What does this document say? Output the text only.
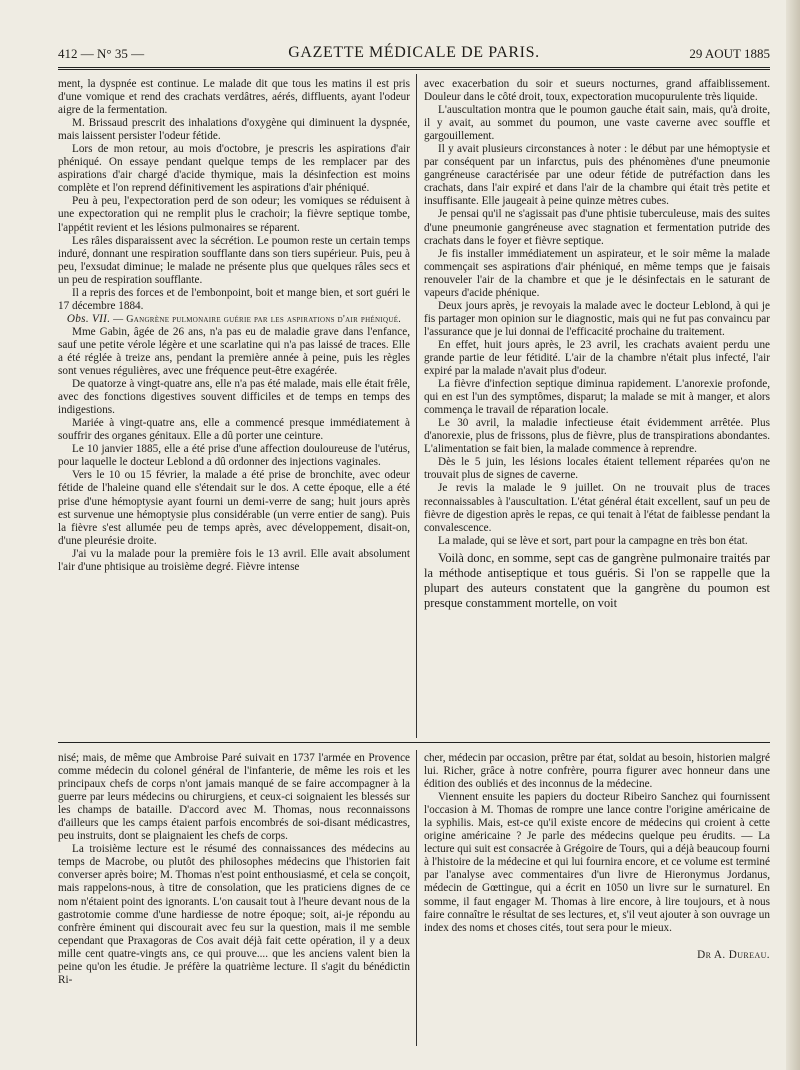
412 — N° 35 —	GAZETTE MÉDICALE DE PARIS.	29 AOUT 1885

ment, la dyspnée est continue. Le malade dit que tous les matins il est pris d'une vomique et rend des crachats verdâtres, aérés, diffluents, ayant l'odeur aigre de la fermentation.

M. Brissaud prescrit des inhalations d'oxygène qui diminuent la dyspnée, mais laissent persister l'odeur fétide.

Lors de mon retour, au mois d'octobre, je prescris les aspirations d'air phéniqué. On essaye pendant quelque temps de les remplacer par des aspirations d'air chargé d'acide thymique, mais la désinfection est moins complète et l'on reprend définitivement les aspirations d'air phéniqué.

Peu à peu, l'expectoration perd de son odeur; les vomiques se réduisent à une expectoration qui ne remplit plus le crachoir; la fièvre septique tombe, l'appétit revient et les lésions pulmonaires se réparent.

Les râles disparaissent avec la sécrétion. Le poumon reste un certain temps induré, donnant une respiration soufflante dans son tiers supérieur. Puis, peu à peu, l'exsudat diminue; le malade ne présente plus que quelques râles secs et un peu de respiration soufflante.

Il a repris des forces et de l'embonpoint, boit et mange bien, et sort guéri le 17 décembre 1884.

Obs. VII. — Gangrène pulmonaire guérie par les aspirations d'air phéniqué.

Mme Gabin, âgée de 26 ans, n'a pas eu de maladie grave dans l'enfance, sauf une petite vérole légère et une scarlatine qui n'a pas laissé de traces. Elle a été réglée à treize ans, pendant la première année à peine, puis les règles sont venues régulières, avec une fréquence peut-être exagérée.

De quatorze à vingt-quatre ans, elle n'a pas été malade, mais elle était frêle, avec des fonctions digestives souvent difficiles et de temps en temps des indigestions.

Mariée à vingt-quatre ans, elle a commencé presque immédiatement à souffrir des organes génitaux. Elle a dû porter une ceinture.

Le 10 janvier 1885, elle a été prise d'une affection douloureuse de l'utérus, pour laquelle le docteur Leblond a dû ordonner des injections vaginales.

Vers le 10 ou 15 février, la malade a été prise de bronchite, avec odeur fétide de l'haleine quand elle s'étendait sur le dos. A cette époque, elle a été prise d'une hémoptysie ayant fourni un demi-verre de sang; huit jours après est survenue une hémoptysie plus considérable (un verre entier de sang). Puis la fièvre s'est allumée peu de temps après, avec développement, disait-on, d'une pleurésie droite.

J'ai vu la malade pour la première fois le 13 avril. Elle avait absolument l'air d'une phtisique au troisième degré. Fièvre intense

avec exacerbation du soir et sueurs nocturnes, grand affaiblissement. Douleur dans le côté droit, toux, expectoration mucopurulente très liquide.

L'auscultation montra que le poumon gauche était sain, mais, qu'à droite, il y avait, au sommet du poumon, une vaste caverne avec souffle et gargouillement.

Il y avait plusieurs circonstances à noter : le début par une hémoptysie et par conséquent par un infarctus, puis des phénomènes d'une pneumonie gangréneuse caractérisée par une odeur fétide de putréfaction dans les crachats, dans l'air expiré et dans l'air de la chambre qui était très petite et insuffisante. Elle jaugeait à peine quinze mètres cubes.

Je pensai qu'il ne s'agissait pas d'une phtisie tuberculeuse, mais des suites d'une pneumonie gangréneuse avec stagnation et fermentation putride des crachats dans le foyer et fièvre septique.

Je fis installer immédiatement un aspirateur, et le soir même la malade commençait ses aspirations d'air phéniqué, en même temps que je faisais renouveler l'air de la chambre et que je le désinfectais en le saturant de vapeurs d'acide phénique.

Deux jours après, je revoyais la malade avec le docteur Leblond, à qui je fis partager mon opinion sur le diagnostic, mais qui ne fut pas convaincu par l'assurance que je lui donnai de l'efficacité prochaine du traitement.

En effet, huit jours après, le 23 avril, les crachats avaient perdu une grande partie de leur fétidité. L'air de la chambre n'était plus infecté, l'air expiré par la malade n'avait plus d'odeur.

La fièvre d'infection septique diminua rapidement. L'anorexie profonde, qui en est l'un des symptômes, disparut; la malade se mit à manger, et alors commença le travail de réparation locale.

Le 30 avril, la maladie infectieuse était évidemment arrêtée. Plus d'anorexie, plus de frissons, plus de fièvre, plus de transpirations abondantes. L'alimentation se fait bien, la malade commence à reprendre.

Dès le 5 juin, les lésions locales étaient tellement réparées qu'on ne trouvait plus de signes de caverne.

Je revis la malade le 9 juillet. On ne trouvait plus de traces reconnaissables à l'auscultation. L'état général était excellent, sauf un peu de fièvre de digestion après le repas, ce qui tenait à l'état de faiblesse pendant la convalescence.

La malade, qui se lève et sort, part pour la campagne en très bon état.

Voilà donc, en somme, sept cas de gangrène pulmonaire traités par la méthode antiseptique et tous guéris. Si l'on se rappelle que la plupart des auteurs constatent que la gangrène du poumon est presque constamment mortelle, on voit

nisé; mais, de même que Ambroise Paré suivait en 1737 l'armée en Provence comme médecin du colonel général de l'infanterie, de même les rois et les principaux chefs de corps n'ont jamais manqué de se faire accompagner à la guerre par leurs médecins ou chirurgiens, et ceux-ci soignaient les blessés sur les champs de bataille. D'accord avec M. Thomas, nous reconnaissons d'ailleurs que les camps étaient parfois encombrés de soi-disant médicastres, peu instruits, dont se plaignaient les chefs de corps.

La troisième lecture est le résumé des connaissances des médecins au temps de Macrobe, ou plutôt des philosophes médecins que l'historien fait converser après boire; M. Thomas n'est point enthousiasmé, et cela se conçoit, mais rappelons-nous, à titre de consolation, que les praticiens dignes de ce nom n'étaient point des ignorants. L'on causait tout à l'heure devant nous de la gastrotomie comme d'une hardiesse de notre époque; soit, ai-je répondu au confrère éminent qui discourait avec feu sur la question, mais il me semble cependant que Praxagoras de Cos avait déjà fait cette opération, il y a deux mille cent quatre-vingts ans, ce qui prouve.... que les anciens valent bien la peine qu'on les étudie. Je préfère la quatrième lecture. Il s'agit du bénédictin Ri-

cher, médecin par occasion, prêtre par état, soldat au besoin, historien malgré lui. Richer, grâce à notre confrère, pourra figurer avec honneur dans une édition des oubliés et des inconnus de la médecine.

Viennent ensuite les papiers du docteur Ribeiro Sanchez qui fournissent l'occasion à M. Thomas de rompre une lance contre l'origine américaine de la syphilis. Mais, est-ce qu'il existe encore de médecins qui croient à cette origine américaine ? Je parle des médecins quelque peu érudits. — La lecture qui suit est consacrée à Grégoire de Tours, qui a déjà beaucoup fourni à l'histoire de la médecine et qui lui fournira encore, et ce volume est terminé par l'analyse avec commentaires d'un livre de Hieronymus Jordanus, médecin de Gœttingue, qui a écrit en 1050 un livre sur le surnaturel. En somme, il faut engager M. Thomas à lire encore, à lire toujours, et à nous faire connaître le résultat de ses lectures, et, s'il veut ajouter à son ouvrage un index des noms et choses cités, tout sera pour le mieux.

Dr A. Dureau.
